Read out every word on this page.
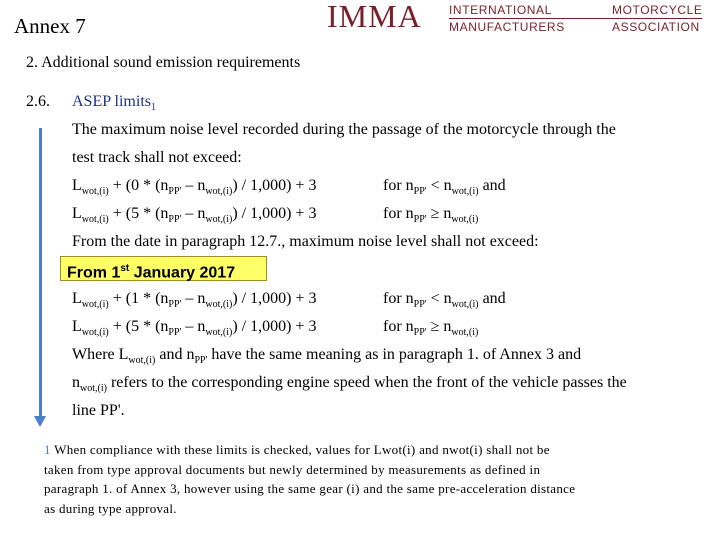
Annex 7	IMMA INTERNATIONAL	MOTORCYCLE
MANUFACTURERS	ASSOCIATION
2. Additional sound emission requirements
2.6. ASEP limits$_1$
The maximum noise level recorded during the passage of the motorcycle through the
test track shall not exceed:
$L_{wot,(i)} + (0 * (n_{PP'} - n_{wot,(i)}) / 1,000) + 3$	for $n_{PP'} < n_{wot,(i)}$ and
$L_{wot,(i)} + (5 * (n_{PP'} - n_{wot,(i)}) / 1,000) + 3$	for $n_{PP'} \ge n_{wot,(i)}$
From the date in paragraph 12.7., maximum noise level shall not exceed:
From 1st January 2017
$L_{wot,(i)} + (1 * (n_{PP'} - n_{wot,(i)}) / 1,000) + 3$	for $n_{PP'} < n_{wot,(i)}$ and
$L_{wot,(i)} + (5 * (n_{PP'} - n_{wot,(i)}) / 1,000) + 3$	for $n_{PP'} \ge n_{wot,(i)}$
Where $L_{wot,(i)}$ and $n_{PP'}$ have the same meaning as in paragraph 1. of Annex 3 and
$n_{wot,(i)}$ refers to the corresponding engine speed when the front of the vehicle passes the
line PP'.
1 When compliance with these limits is checked, values for Lwot(i) and nwot(i) shall not be
taken from type approval documents but newly determined by measurements as defined in
paragraph 1. of Annex 3, however using the same gear (i) and the same pre-acceleration distance
as during type approval.
